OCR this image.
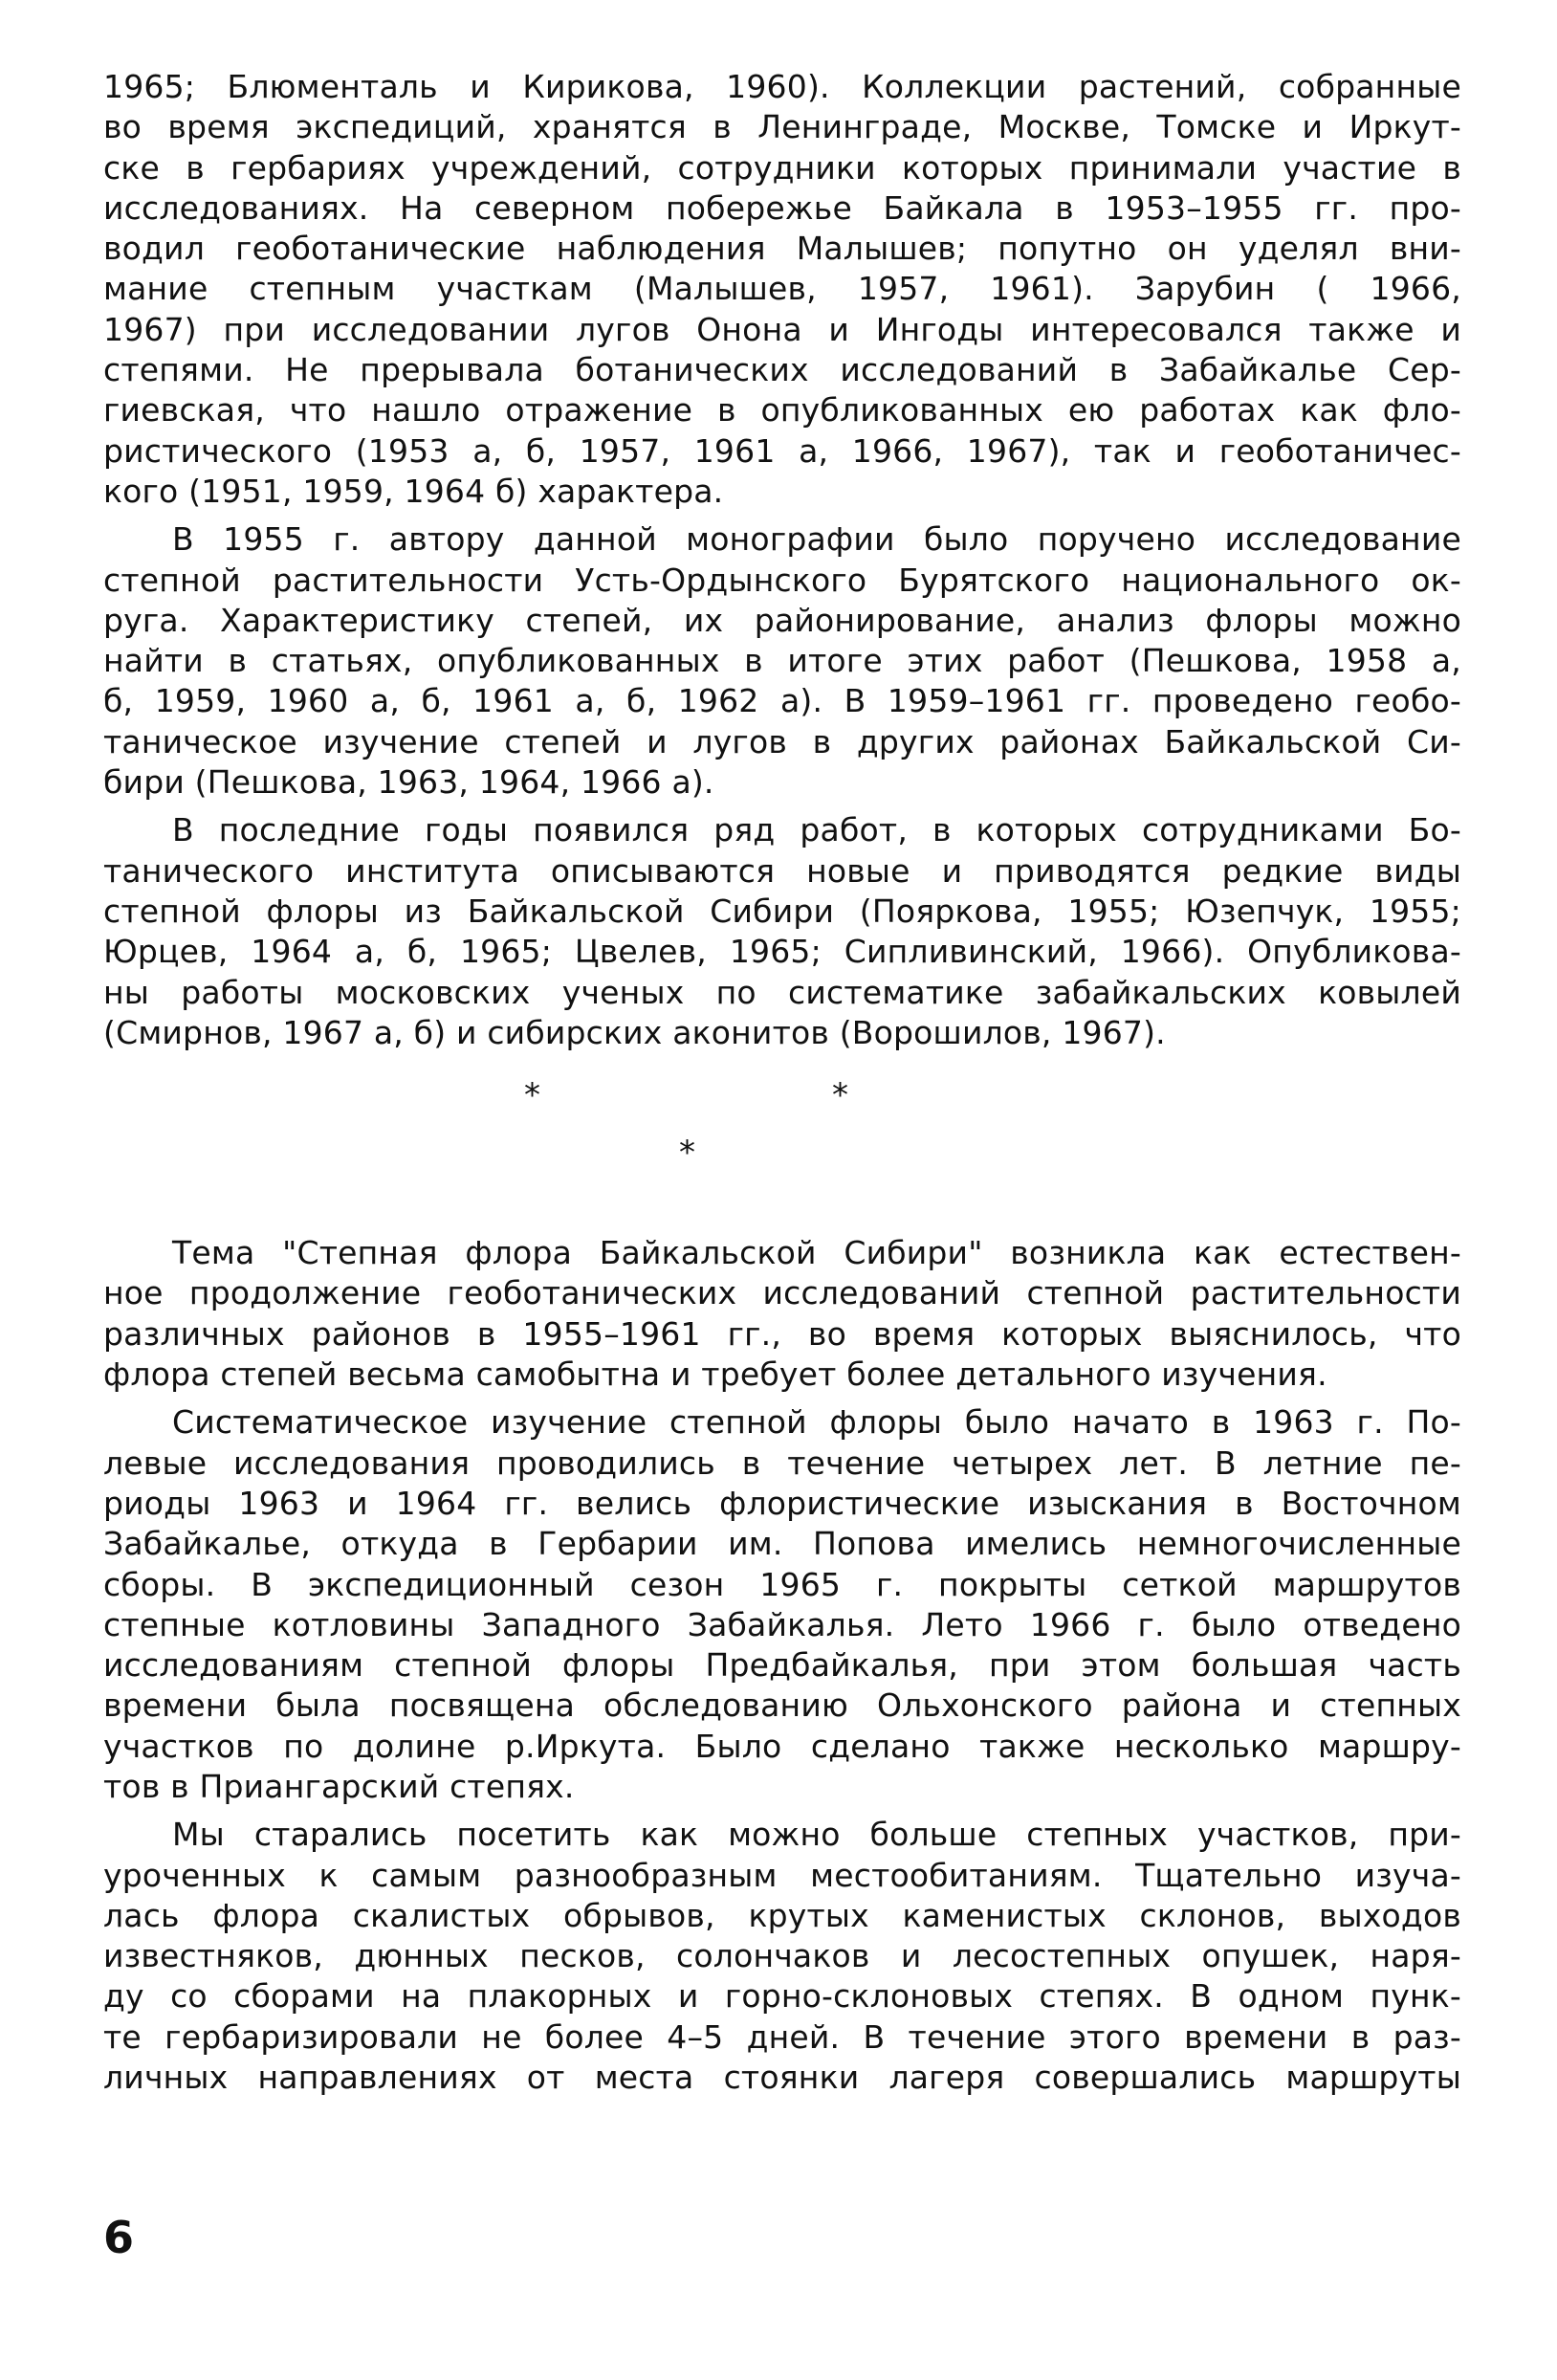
1965; Блюменталь и Кирикова, 1960). Коллекции растений, собранные
во время экспедиций, хранятся в Ленинграде, Москве, Томске и Иркут-
ске в гербариях учреждений, сотрудники которых принимали участие в
исследованиях. На северном побережье Байкала в 1953–1955 гг. про-
водил геоботанические наблюдения Малышев; попутно он уделял вни-
мание степным участкам (Малышев, 1957, 1961). Зарубин ( 1966,
1967) при исследовании лугов Онона и Ингоды интересовался также и
степями. Не прерывала ботанических исследований в Забайкалье Сер-
гиевская, что нашло отражение в опубликованных ею работах как фло-
ристического (1953 а, б, 1957, 1961 а, 1966, 1967), так и геоботаничес-
кого (1951, 1959, 1964 б) характера.
В 1955 г. автору данной монографии было поручено исследование
степной растительности Усть-Ордынского Бурятского национального ок-
руга. Характеристику степей, их районирование, анализ флоры можно
найти в статьях, опубликованных в итоге этих работ (Пешкова, 1958 а,
б, 1959, 1960 а, б, 1961 а, б, 1962 а). В 1959–1961 гг. проведено геобо-
таническое изучение степей и лугов в других районах Байкальской Си-
бири (Пешкова, 1963, 1964, 1966 а).
В последние годы появился ряд работ, в которых сотрудниками Бо-
танического института описываются новые и приводятся редкие виды
степной флоры из Байкальской Сибири (Пояркова, 1955; Юзепчук, 1955;
Юрцев, 1964 а, б, 1965; Цвелев, 1965; Сипливинский, 1966). Опубликова-
ны работы московских ученых по систематике забайкальских ковылей
(Смирнов, 1967 а, б) и сибирских аконитов (Ворошилов, 1967).
*	*
*
Тема "Степная флора Байкальской Сибири" возникла как естествен-
ное продолжение геоботанических исследований степной растительности
различных районов в 1955–1961 гг., во время которых выяснилось, что
флора степей весьма самобытна и требует более детального изучения.
Систематическое изучение степной флоры было начато в 1963 г. По-
левые исследования проводились в течение четырех лет. В летние пе-
риоды 1963 и 1964 гг. велись флористические изыскания в Восточном
Забайкалье, откуда в Гербарии им. Попова имелись немногочисленные
сборы. В экспедиционный сезон 1965 г. покрыты сеткой маршрутов
степные котловины Западного Забайкалья. Лето 1966 г. было отведено
исследованиям степной флоры Предбайкалья, при этом большая часть
времени была посвящена обследованию Ольхонского района и степных
участков по долине р.Иркута. Было сделано также несколько маршру-
тов в Приангарский степях.
Мы старались посетить как можно больше степных участков, при-
уроченных к самым разнообразным местообитаниям. Тщательно изуча-
лась флора скалистых обрывов, крутых каменистых склонов, выходов
известняков, дюнных песков, солончаков и лесостепных опушек, наря-
ду со сборами на плакорных и горно-склоновых степях. В одном пунк-
те гербаризировали не более 4–5 дней. В течение этого времени в раз-
личных направлениях от места стоянки лагеря совершались маршруты
6
